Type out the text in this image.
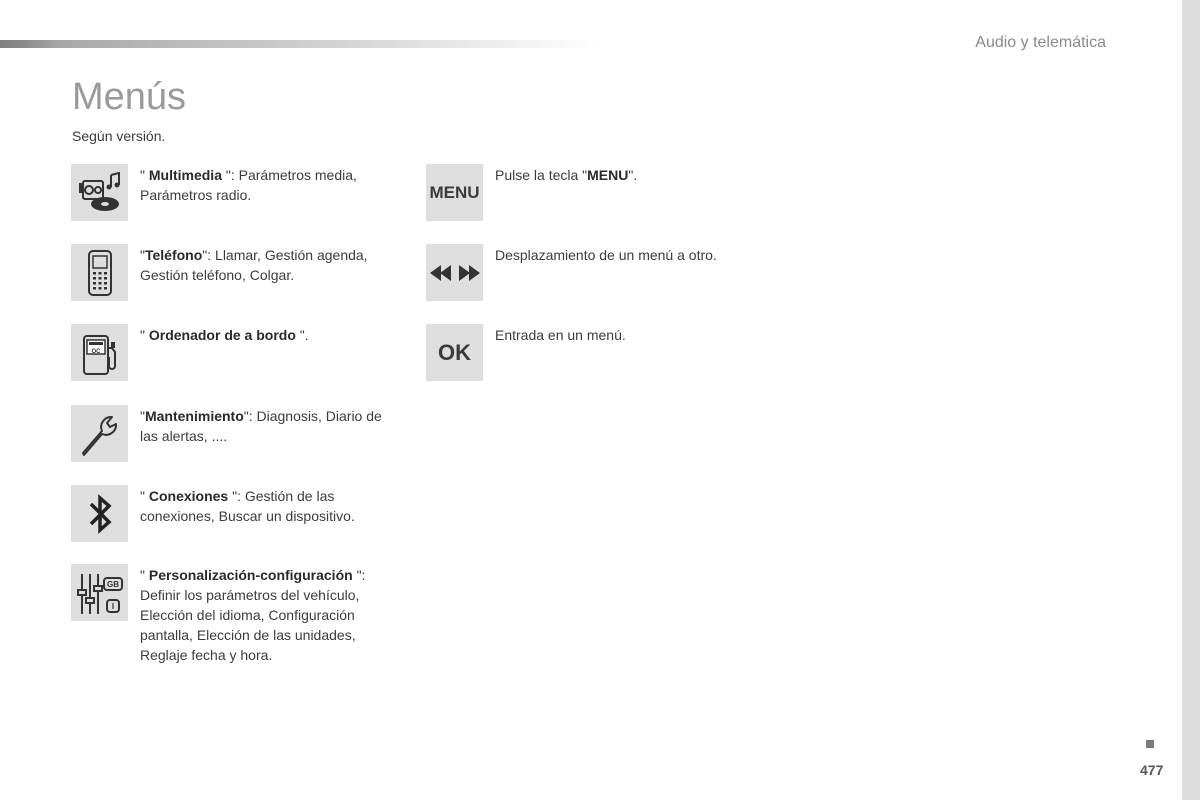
Audio y telemática
Menús
Según versión.
" Multimedia ": Parámetros media, Parámetros radio.
"Teléfono": Llamar, Gestión agenda, Gestión teléfono, Colgar.
OC
" Ordenador de a bordo ".
"Mantenimiento": Diagnosis, Diario de las alertas, ....
" Conexiones ": Gestión de las conexiones, Buscar un dispositivo.
GB
I
" Personalización-configuración ": Definir los parámetros del vehículo, Elección del idioma, Configuración pantalla, Elección de las unidades, Reglaje fecha y hora.
MENU
Pulse la tecla "MENU".
Desplazamiento de un menú a otro.
OK
Entrada en un menú.
477
